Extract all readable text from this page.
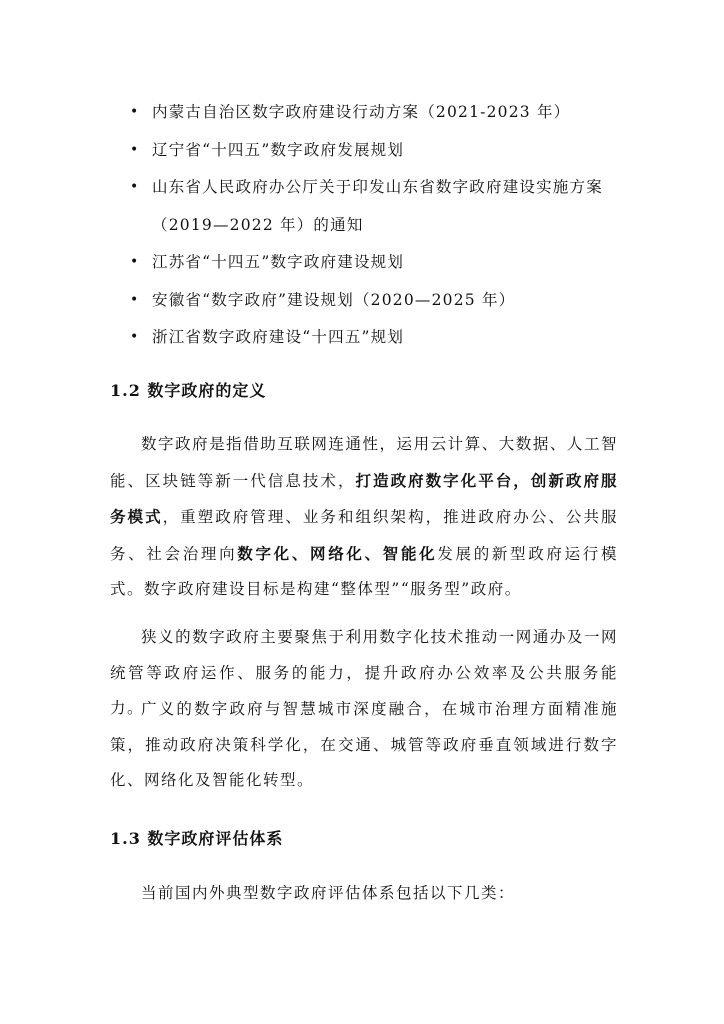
• 内蒙古自治区数字政府建设行动方案（2021-2023 年）
• 辽宁省“十四五”数字政府发展规划
• 山东省人民政府办公厅关于印发山东省数字政府建设实施方案（2019—2022 年）的通知
• 江苏省“十四五”数字政府建设规划
• 安徽省“数字政府”建设规划（2020—2025 年）
• 浙江省数字政府建设“十四五”规划
1.2 数字政府的定义

数字政府是指借助互联网连通性，运用云计算、大数据、人工智能、区块链等新一代信息技术，打造政府数字化平台，创新政府服务模式，重塑政府管理、业务和组织架构，推进政府办公、公共服务、社会治理向数字化、网络化、智能化发展的新型政府运行模式。数字政府建设目标是构建“整体型”“服务型”政府。

狭义的数字政府主要聚焦于利用数字化技术推动一网通办及一网统管等政府运作、服务的能力，提升政府办公效率及公共服务能力。

广义的数字政府与智慧城市深度融合，在城市治理方面精准施策，推动政府决策科学化，在交通、城管等政府垂直领域进行数字化、网络化及智能化转型。

1.3 数字政府评估体系

当前国内外典型数字政府评估体系包括以下几类：
